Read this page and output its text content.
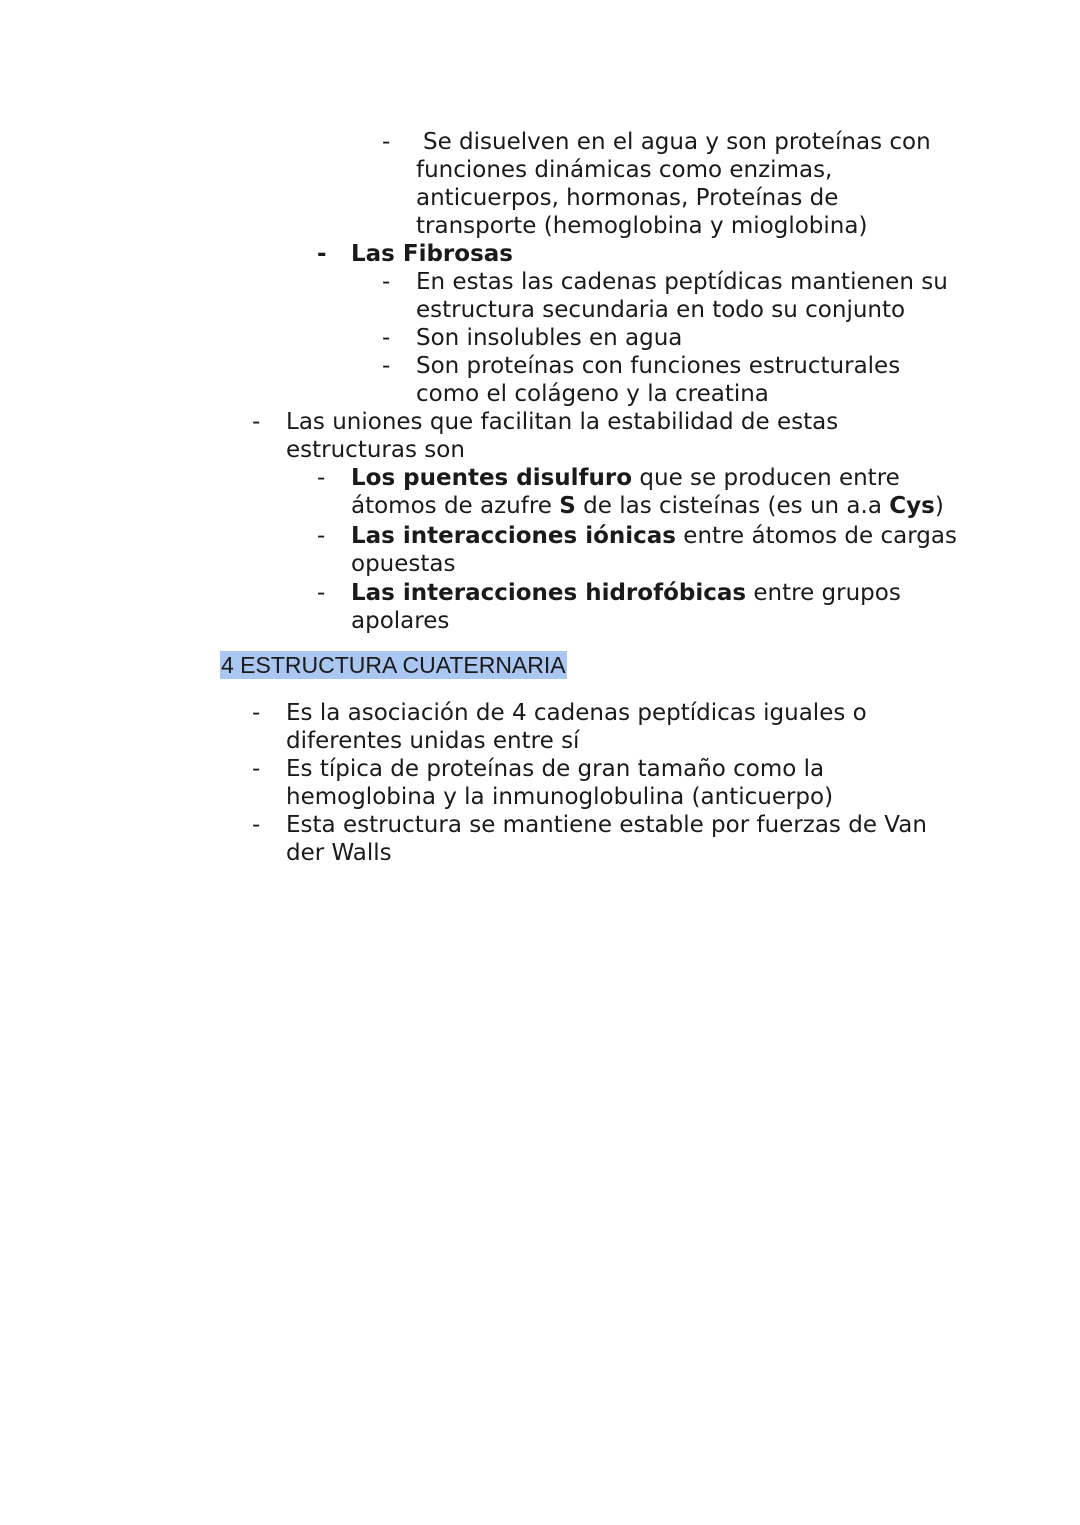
- Se disuelven en el agua y son proteínas con
funciones dinámicas como enzimas,
anticuerpos, hormonas, Proteínas de
transporte (hemoglobina y mioglobina)
- Las Fibrosas
- En estas las cadenas peptídicas mantienen su
estructura secundaria en todo su conjunto
- Son insolubles en agua
- Son proteínas con funciones estructurales
como el colágeno y la creatina
- Las uniones que facilitan la estabilidad de estas
estructuras son
- Los puentes disulfuro que se producen entre
átomos de azufre S de las cisteínas (es un a.a Cys)
- Las interacciones iónicas entre átomos de cargas
opuestas
- Las interacciones hidrofóbicas entre grupos
apolares
4 ESTRUCTURA CUATERNARIA
- Es la asociación de 4 cadenas peptídicas iguales o
diferentes unidas entre sí
- Es típica de proteínas de gran tamaño como la
hemoglobina y la inmunoglobulina (anticuerpo)
- Esta estructura se mantiene estable por fuerzas de Van
der Walls
